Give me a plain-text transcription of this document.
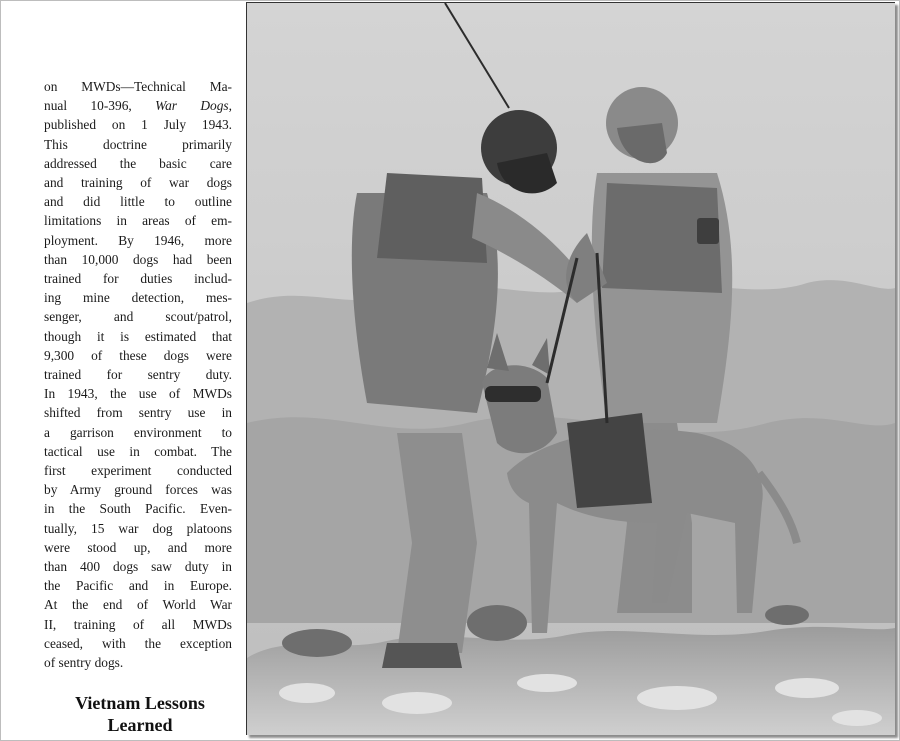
on MWDs—Technical Ma-
nual 10-396, War Dogs,
published on 1 July 1943.
This doctrine primarily
addressed the basic care
and training of war dogs
and did little to outline
limitations in areas of em-
ployment. By 1946, more
than 10,000 dogs had been
trained for duties includ-
ing mine detection, mes-
senger, and scout/patrol,
though it is estimated that
9,300 of these dogs were
trained for sentry duty.
In 1943, the use of MWDs
shifted from sentry use in
a garrison environment to
tactical use in combat. The
first experiment conducted
by Army ground forces was
in the South Pacific. Even-
tually, 15 war dog platoons
were stood up, and more
than 400 dogs saw duty in
the Pacific and in Europe.
At the end of World War
II, training of all MWDs
ceased, with the exception
of sentry dogs.
Vietnam Lessons
Learned
